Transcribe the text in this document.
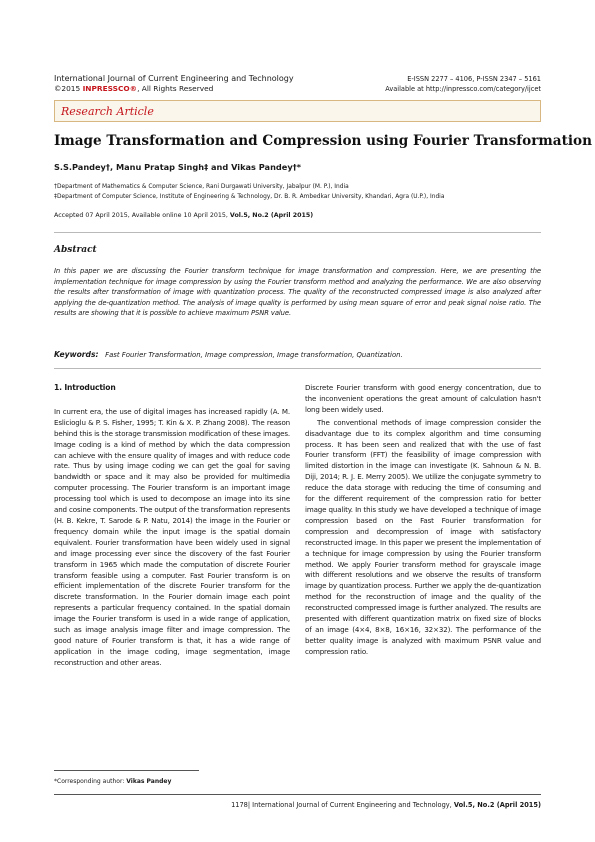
International Journal of Current Engineering and Technology
©2015 INPRESSCO®, All Rights Reserved
E-ISSN 2277 – 4106, P-ISSN 2347 – 5161
Available at http://inpressco.com/category/ijcet
Research Article
Image Transformation and Compression using Fourier Transformation
S.S.Pandey†, Manu Pratap Singh‡ and Vikas Pandey†*
†Department of Mathematics & Computer Science, Rani Durgawati University, Jabalpur (M. P.), India
‡Department of Computer Science, Institute of Engineering & Technology, Dr. B. R. Ambedkar University, Khandari, Agra (U.P.), India
Accepted 07 April 2015, Available online 10 April 2015, Vol.5, No.2 (April 2015)
Abstract
In this paper we are discussing the Fourier transform technique for image transformation and compression. Here, we are presenting the implementation technique for image compression by using the Fourier transform method and analyzing the performance. We are also observing the results after transformation of image with quantization process. The quality of the reconstructed compressed image is also analyzed after applying the de-quantization method. The analysis of image quality is performed by using mean square of error and peak signal noise ratio. The results are showing that it is possible to achieve maximum PSNR value.
Keywords: Fast Fourier Transformation, Image compression, Image transformation, Quantization.
1. Introduction
In current era, the use of digital images has increased rapidly (A. M. Eslicioglu & P. S. Fisher, 1995; T. Kin & X. P. Zhang 2008). The reason behind this is the storage transmission modification of these images. Image coding is a kind of method by which the data compression can achieve with the ensure quality of images and with reduce code rate. Thus by using image coding we can get the goal for saving bandwidth or space and it may also be provided for multimedia computer processing. The Fourier transform is an important image processing tool which is used to decompose an image into its sine and cosine components. The output of the transformation represents (H. B. Kekre, T. Sarode & P. Natu, 2014) the image in the Fourier or frequency domain while the input image is the spatial domain equivalent. Fourier transformation have been widely used in signal and image processing ever since the discovery of the fast Fourier transform in 1965 which made the computation of discrete Fourier transform feasible using a computer. Fast Fourier transform is on efficient implementation of the discrete Fourier transform for the discrete transformation. In the Fourier domain image each point represents a particular frequency contained. In the spatial domain image the Fourier transform is used in a wide range of application, such as image analysis image filter and image compression. The good nature of Fourier transform is that, it has a wide range of application in the image coding, image segmentation, image reconstruction and other areas.
Discrete Fourier transform with good energy concentration, due to the inconvenient operations the great amount of calculation hasn't long been widely used.
The conventional methods of image compression consider the disadvantage due to its complex algorithm and time consuming process. It has been seen and realized that with the use of fast Fourier transform (FFT) the feasibility of image compression with limited distortion in the image can investigate (K. Sahnoun & N. B. Diji, 2014; R. J. E. Merry 2005). We utilize the conjugate symmetry to reduce the data storage with reducing the time of consuming and for the different requirement of the compression ratio for better image quality. In this study we have developed a technique of image compression based on the Fast Fourier transformation for compression and decompression of image with satisfactory reconstructed image. In this paper we present the implementation of a technique for image compression by using the Fourier transform method. We apply Fourier transform method for grayscale image with different resolutions and we observe the results of transform image by quantization process. Further we apply the de-quantization method for the reconstruction of image and the quality of the reconstructed compressed image is further analyzed. The results are presented with different quantization matrix on fixed size of blocks of an image (4×4, 8×8, 16×16, 32×32). The performance of the better quality image is analyzed with maximum PSNR value and compression ratio.
*Corresponding author: Vikas Pandey
1178| International Journal of Current Engineering and Technology, Vol.5, No.2 (April 2015)
